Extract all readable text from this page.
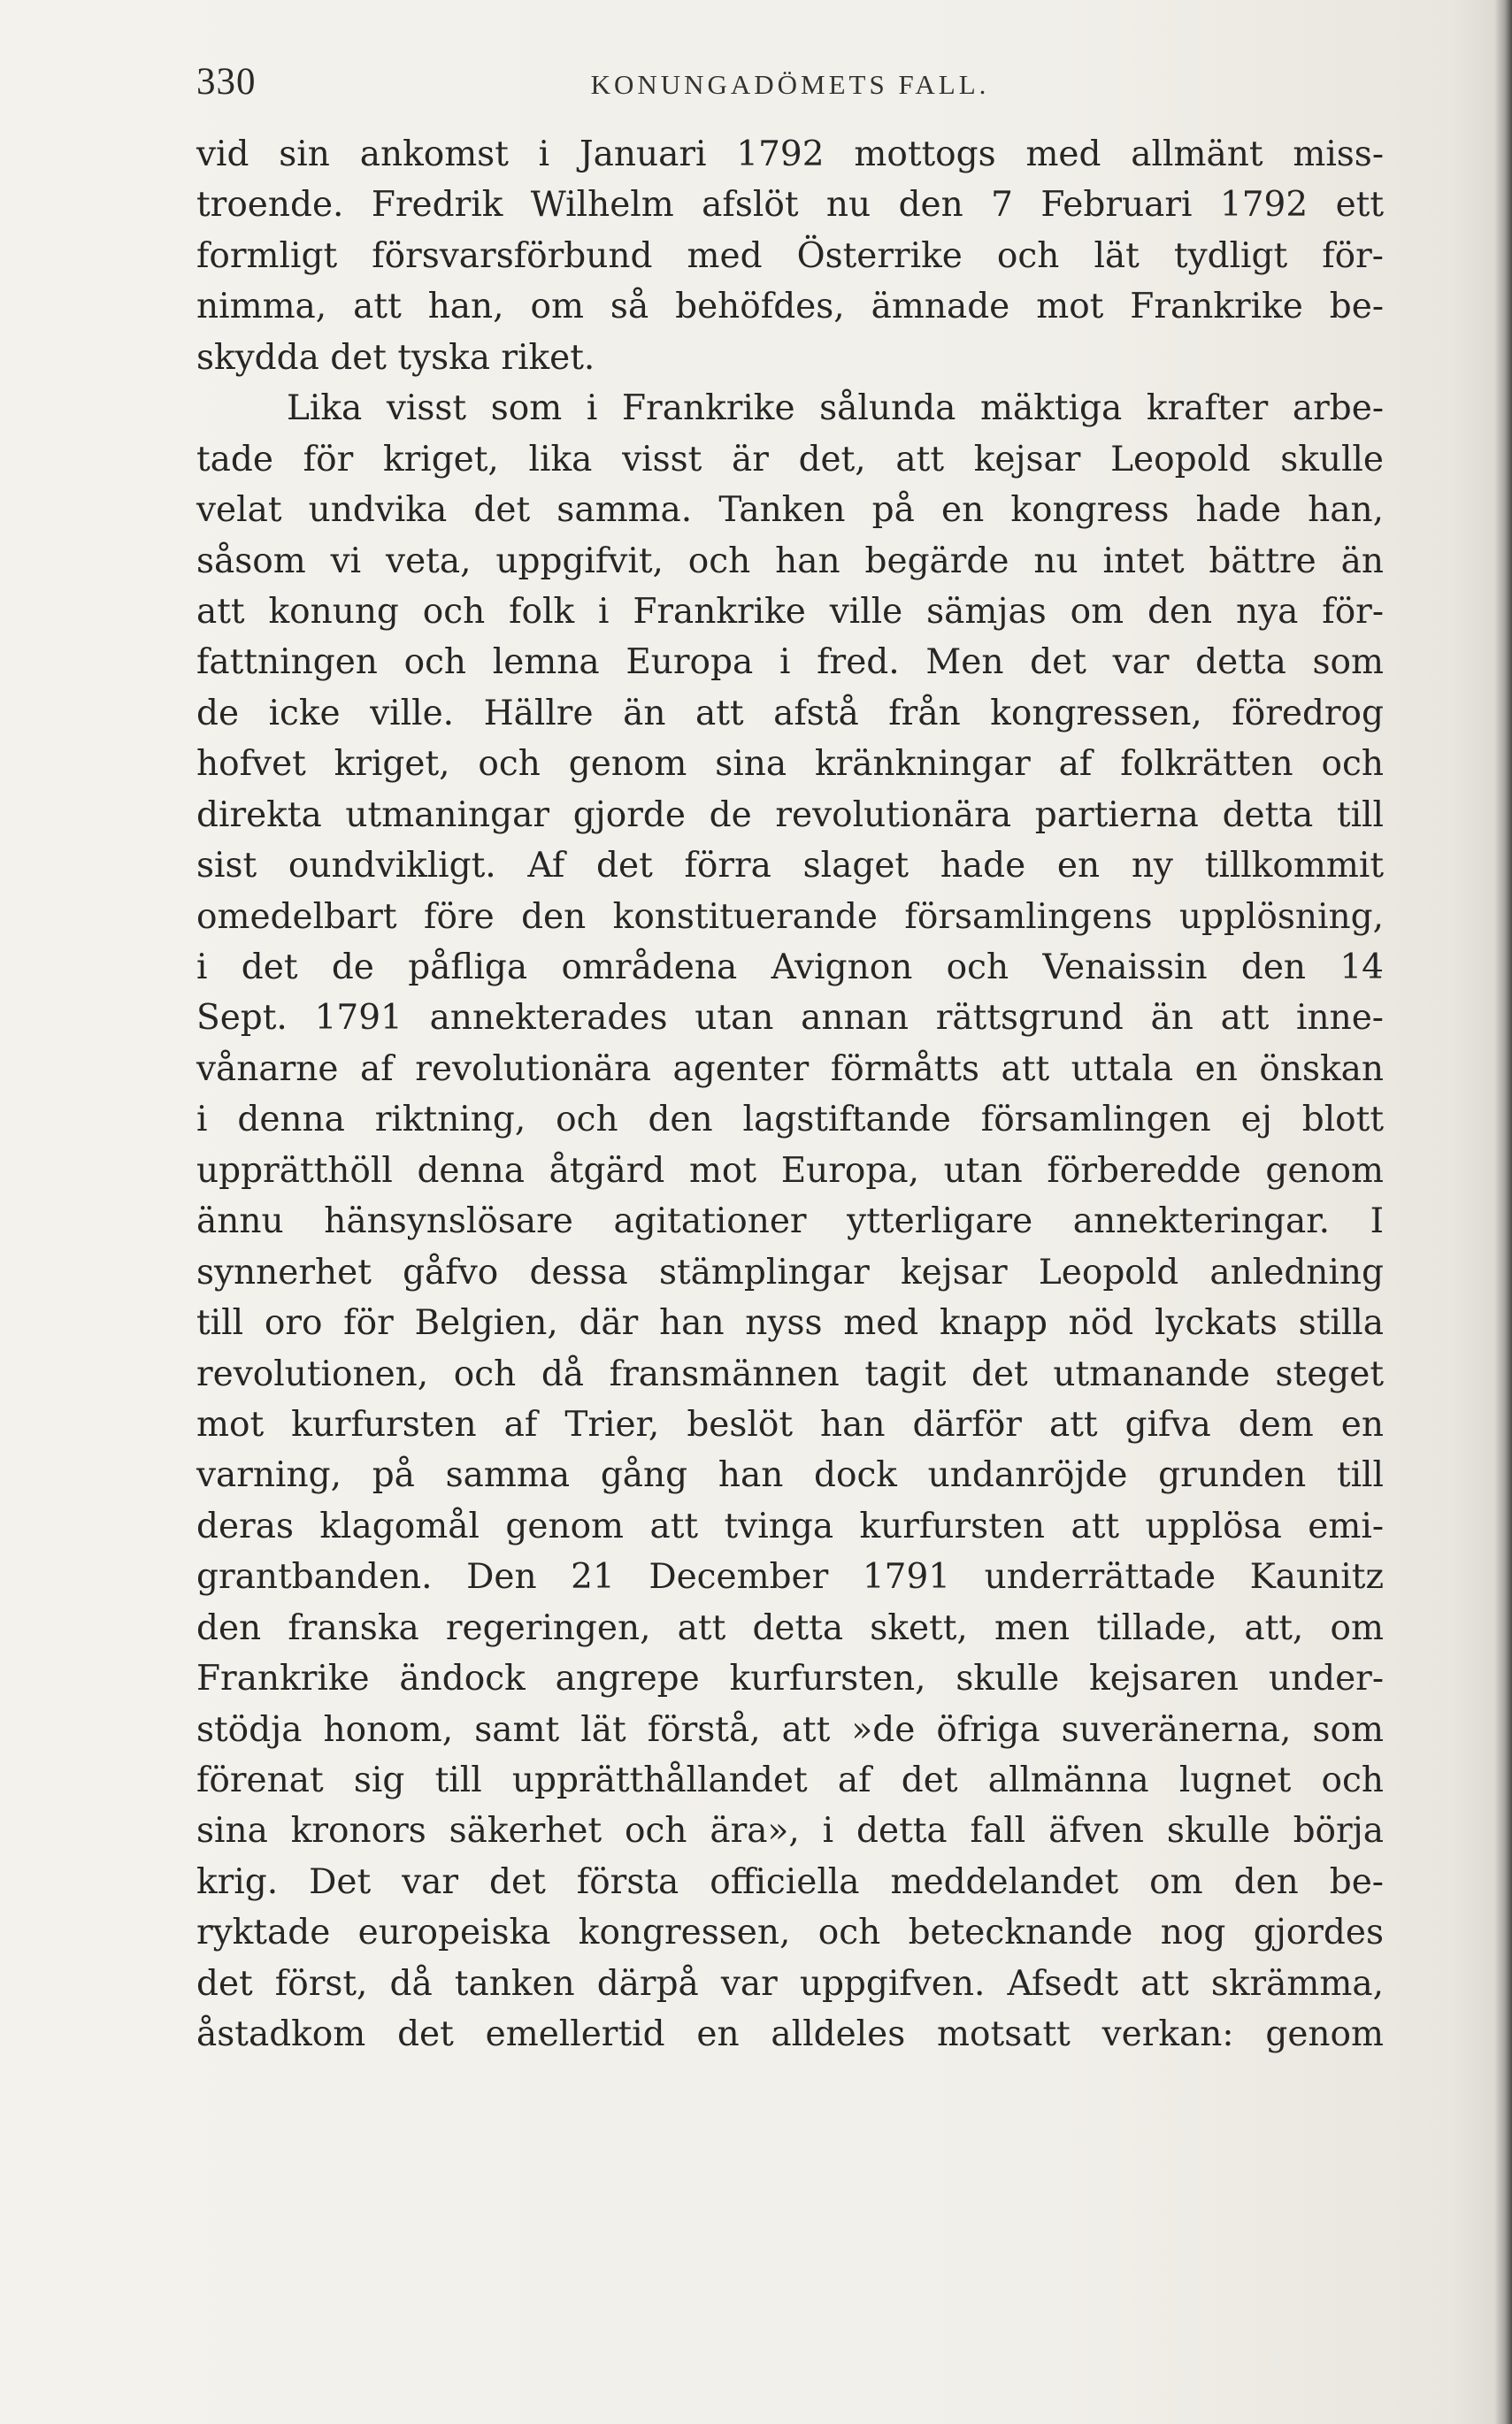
330	KONUNGADÖMETS FALL.
vid sin ankomst i Januari 1792 mottogs med allmänt miss-
troende. Fredrik Wilhelm afslöt nu den 7 Februari 1792 ett
formligt försvarsförbund med Österrike och lät tydligt för-
nimma, att han, om så behöfdes, ämnade mot Frankrike be-
skydda det tyska riket.
Lika visst som i Frankrike sålunda mäktiga krafter arbe-
tade för kriget, lika visst är det, att kejsar Leopold skulle
velat undvika det samma. Tanken på en kongress hade han,
såsom vi veta, uppgifvit, och han begärde nu intet bättre än
att konung och folk i Frankrike ville sämjas om den nya för-
fattningen och lemna Europa i fred. Men det var detta som
de icke ville. Hällre än att afstå från kongressen, föredrog
hofvet kriget, och genom sina kränkningar af folkrätten och
direkta utmaningar gjorde de revolutionära partierna detta till
sist oundvikligt. Af det förra slaget hade en ny tillkommit
omedelbart före den konstituerande församlingens upplösning,
i det de påfliga områdena Avignon och Venaissin den 14
Sept. 1791 annekterades utan annan rättsgrund än att inne-
vånarne af revolutionära agenter förmåtts att uttala en önskan
i denna riktning, och den lagstiftande församlingen ej blott
upprätthöll denna åtgärd mot Europa, utan förberedde genom
ännu hänsynslösare agitationer ytterligare annekteringar. I
synnerhet gåfvo dessa stämplingar kejsar Leopold anledning
till oro för Belgien, där han nyss med knapp nöd lyckats stilla
revolutionen, och då fransmännen tagit det utmanande steget
mot kurfursten af Trier, beslöt han därför att gifva dem en
varning, på samma gång han dock undanröjde grunden till
deras klagomål genom att tvinga kurfursten att upplösa emi-
grantbanden. Den 21 December 1791 underrättade Kaunitz
den franska regeringen, att detta skett, men tillade, att, om
Frankrike ändock angrepe kurfursten, skulle kejsaren under-
stödja honom, samt lät förstå, att »de öfriga suveränerna, som
förenat sig till upprätthållandet af det allmänna lugnet och
sina kronors säkerhet och ära», i detta fall äfven skulle börja
krig. Det var det första officiella meddelandet om den be-
ryktade europeiska kongressen, och betecknande nog gjordes
det först, då tanken därpå var uppgifven. Afsedt att skrämma,
åstadkom det emellertid en alldeles motsatt verkan: genom
